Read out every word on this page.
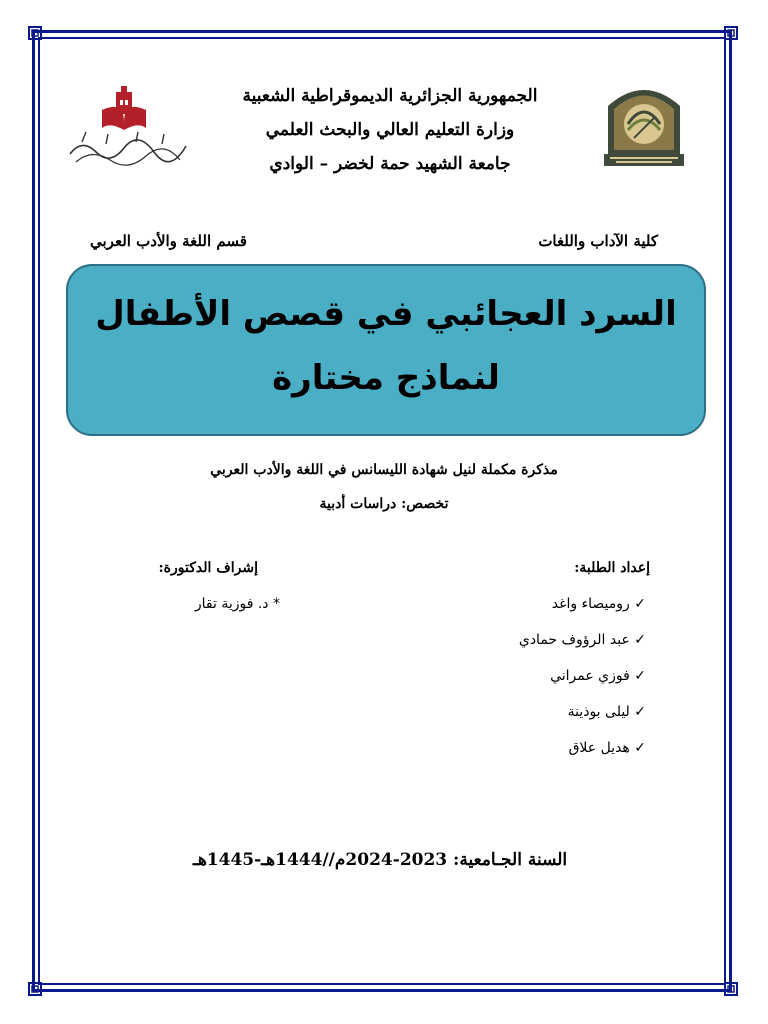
الجمهورية الجزائرية الديموقراطية الشعبية
وزارة التعليم العالي والبحث العلمي
جامعة الشهيد حمة لخضر – الوادي
كلية الآداب واللغات
قسم اللغة والأدب العربي
السرد العجائبي في قصص الأطفال لنماذج مختارة
مذكرة مكملة لنيل شهادة الليسانس في اللغة والأدب العربي
تخصص: دراسات أدبية
إعداد الطلبة:
إشراف الدكتورة:
✓ روميصاء واغد
✓ عبد الرؤوف حمادي
✓ فوزي عمراني
✓ ليلى بوذينة
✓ هديل علاق
* د. فوزية تقار
السنة الجـامعية: 2023-2024م//1444هـ-1445هـ
